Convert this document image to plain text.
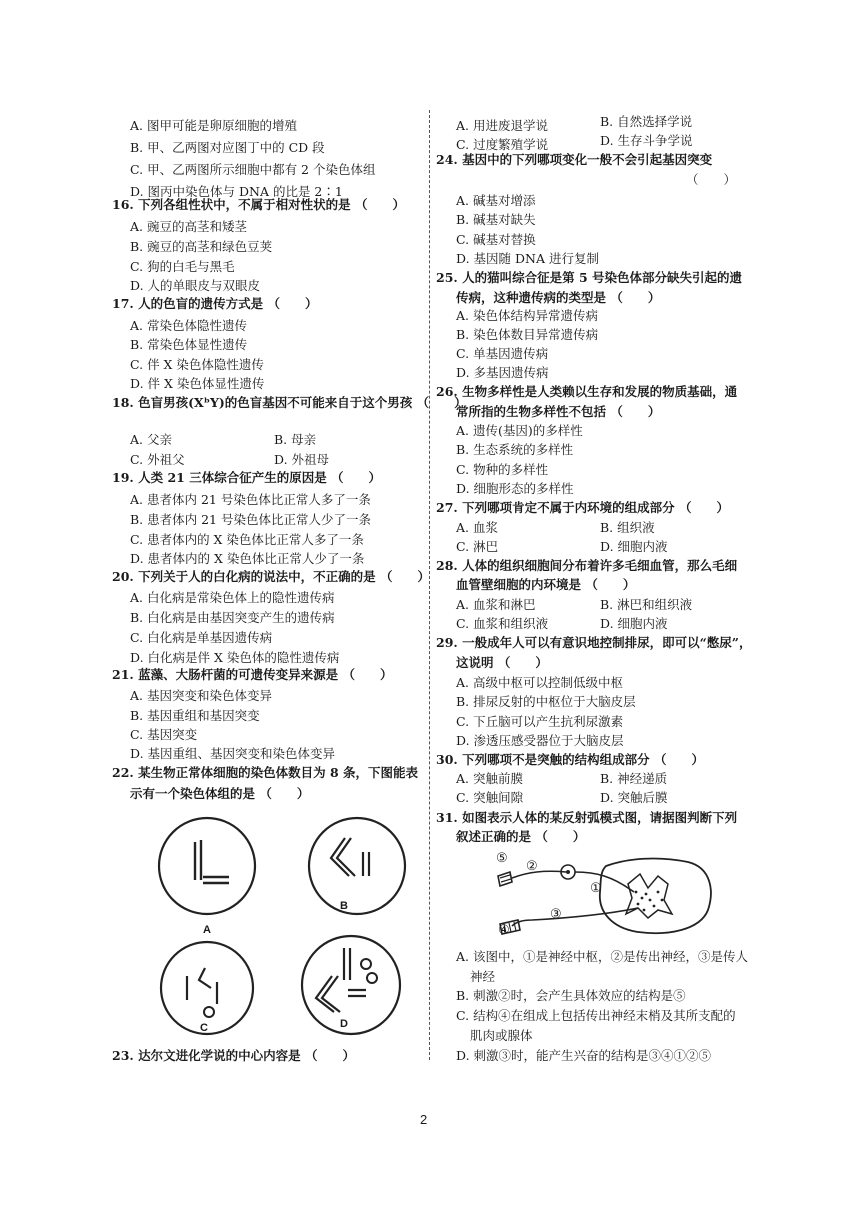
A. 图甲可能是卵原细胞的增殖
B. 甲、乙两图对应图丁中的 CD 段
C. 甲、乙两图所示细胞中都有 2 个染色体组
D. 图丙中染色体与 DNA 的比是 2∶1
16. 下列各组性状中，不属于相对性状的是 （　　）
A. 豌豆的高茎和矮茎
B. 豌豆的高茎和绿色豆荚
C. 狗的白毛与黑毛
D. 人的单眼皮与双眼皮
17. 人的色盲的遗传方式是 （　　）
A. 常染色体隐性遗传
B. 常染色体显性遗传
C. 伴 X 染色体隐性遗传
D. 伴 X 染色体显性遗传
18. 色盲男孩(XᵇY)的色盲基因不可能来自于这个男孩 （　　）
A. 父亲	B. 母亲
C. 外祖父	D. 外祖母
19. 人类 21 三体综合征产生的原因是 （　　）
A. 患者体内 21 号染色体比正常人多了一条
B. 患者体内 21 号染色体比正常人少了一条
C. 患者体内的 X 染色体比正常人多了一条
D. 患者体内的 X 染色体比正常人少了一条
20. 下列关于人的白化病的说法中，不正确的是 （　　）
A. 白化病是常染色体上的隐性遗传病
B. 白化病是由基因突变产生的遗传病
C. 白化病是单基因遗传病
D. 白化病是伴 X 染色体的隐性遗传病
21. 蓝藻、大肠杆菌的可遗传变异来源是 （　　）
A. 基因突变和染色体变异
B. 基因重组和基因突变
C. 基因突变
D. 基因重组、基因突变和染色体变异
22. 某生物正常体细胞的染色体数目为 8 条，下图能表
示有一个染色体组的是 （　　）
23. 达尔文进化学说的中心内容是 （　　）
A. 用进废退学说	B. 自然选择学说
C. 过度繁殖学说	D. 生存斗争学说
24. 基因中的下列哪项变化一般不会引起基因突变
（　　）
A. 碱基对增添
B. 碱基对缺失
C. 碱基对替换
D. 基因随 DNA 进行复制
25. 人的猫叫综合征是第 5 号染色体部分缺失引起的遗
传病，这种遗传病的类型是 （　　）
A. 染色体结构异常遗传病
B. 染色体数目异常遗传病
C. 单基因遗传病
D. 多基因遗传病
26. 生物多样性是人类赖以生存和发展的物质基础，通
常所指的生物多样性不包括 （　　）
A. 遗传(基因)的多样性
B. 生态系统的多样性
C. 物种的多样性
D. 细胞形态的多样性
27. 下列哪项肯定不属于内环境的组成部分 （　　）
A. 血浆	B. 组织液
C. 淋巴	D. 细胞内液
28. 人体的组织细胞间分布着许多毛细血管，那么毛细
血管壁细胞的内环境是 （　　）
A. 血浆和淋巴	B. 淋巴和组织液
C. 血浆和组织液	D. 细胞内液
29. 一般成年人可以有意识地控制排尿，即可以“憋尿”，
这说明 （　　）
A. 高级中枢可以控制低级中枢
B. 排尿反射的中枢位于大脑皮层
C. 下丘脑可以产生抗利尿激素
D. 渗透压感受器位于大脑皮层
30. 下列哪项不是突触的结构组成部分 （　　）
A. 突触前膜	B. 神经递质
C. 突触间隙	D. 突触后膜
31. 如图表示人体的某反射弧模式图，请据图判断下列
叙述正确的是 （　　）
A. 该图中，①是神经中枢，②是传出神经，③是传人
神经
B. 刺激②时，会产生具体效应的结构是⑤
C. 结构④在组成上包括传出神经末梢及其所支配的
肌肉或腺体
D. 刺激③时，能产生兴奋的结构是③④①②⑤
A
B
C	D
⑤
②
①
③
④
2
